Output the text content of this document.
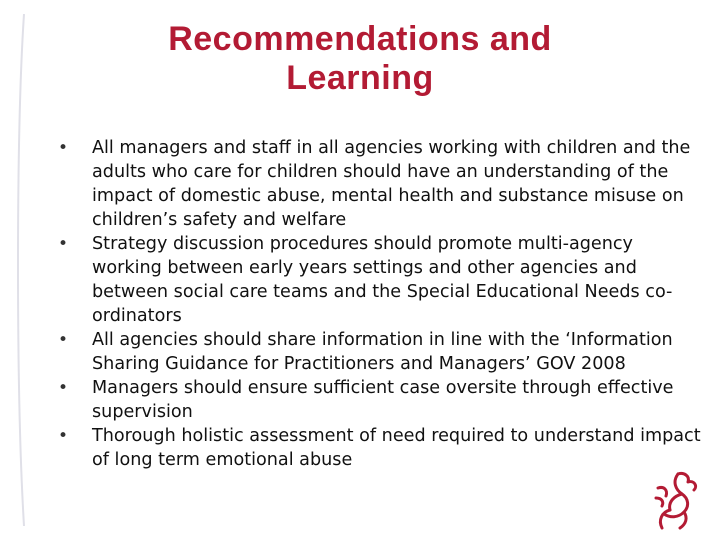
Recommendations and
Learning
• All managers and staff in all agencies working with children and the adults who care for children should have an understanding of the impact of domestic abuse, mental health and substance misuse on children’s safety and welfare
• Strategy discussion procedures should promote multi-agency working between early years settings and other agencies and between social care teams and the Special Educational Needs co-ordinators
• All agencies should share information in line with the ‘Information Sharing Guidance for Practitioners and Managers’ GOV 2008
• Managers should ensure sufficient case oversite through effective supervision
• Thorough holistic assessment of need required to understand impact of long term emotional abuse
